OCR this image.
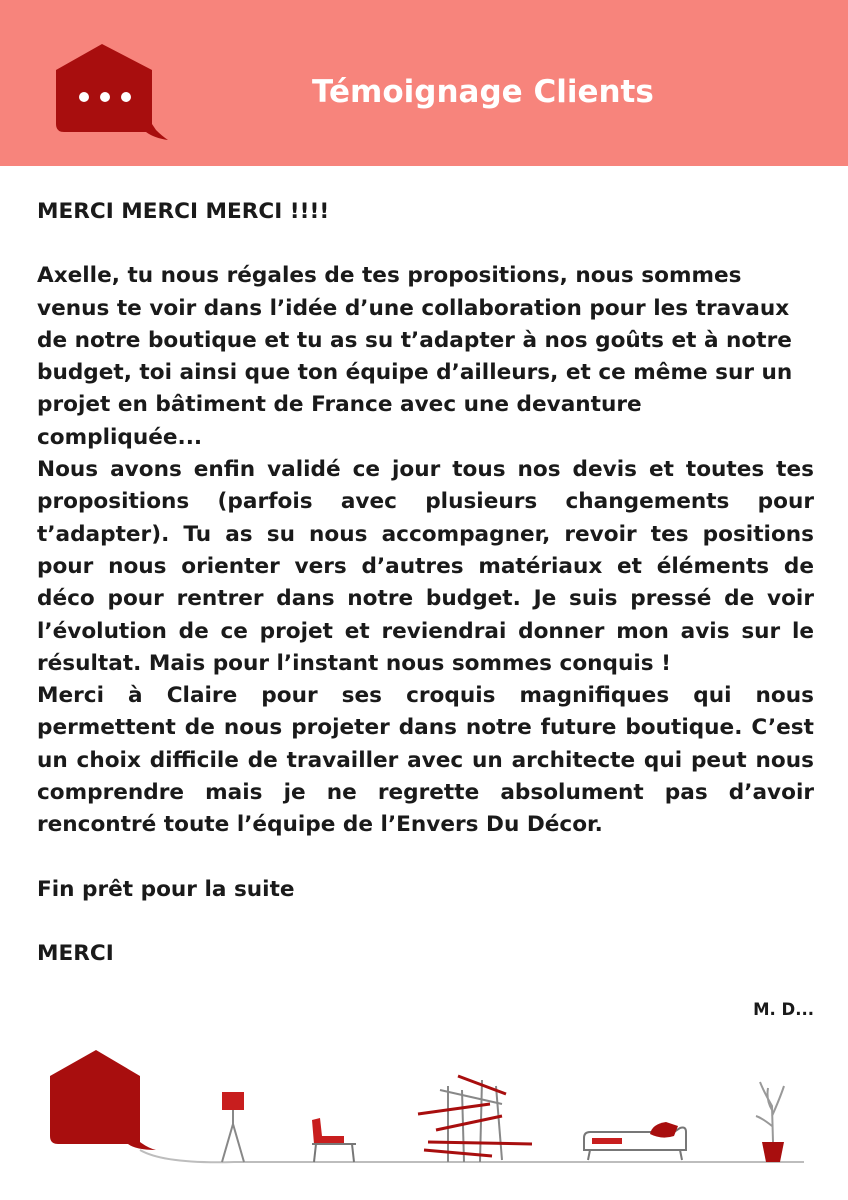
Témoignage Clients

MERCI MERCI MERCI !!!!

Axelle, tu nous régales de tes propositions, nous sommes venus te voir dans l’idée d’une collaboration pour les travaux de notre boutique et tu as su t’adapter à nos goûts et à notre budget, toi ainsi que ton équipe d’ailleurs, et ce même sur un projet en bâtiment de France avec une devanture compliquée...

Nous avons enfin validé ce jour tous nos devis et toutes tes propositions (parfois avec plusieurs changements pour t’adapter). Tu as su nous accompagner, revoir tes positions pour nous orienter vers d’autres matériaux et éléments de déco pour rentrer dans notre budget. Je suis pressé de voir l’évolution de ce projet et reviendrai donner mon avis sur le résultat. Mais pour l’instant nous sommes conquis !

Merci à Claire pour ses croquis magnifiques qui nous permettent de nous projeter dans notre future boutique. C’est un choix difficile de travailler avec un architecte qui peut nous comprendre mais je ne regrette absolument pas d’avoir rencontré toute l’équipe de l’Envers Du Décor.

Fin prêt pour la suite

MERCI

M. D...
